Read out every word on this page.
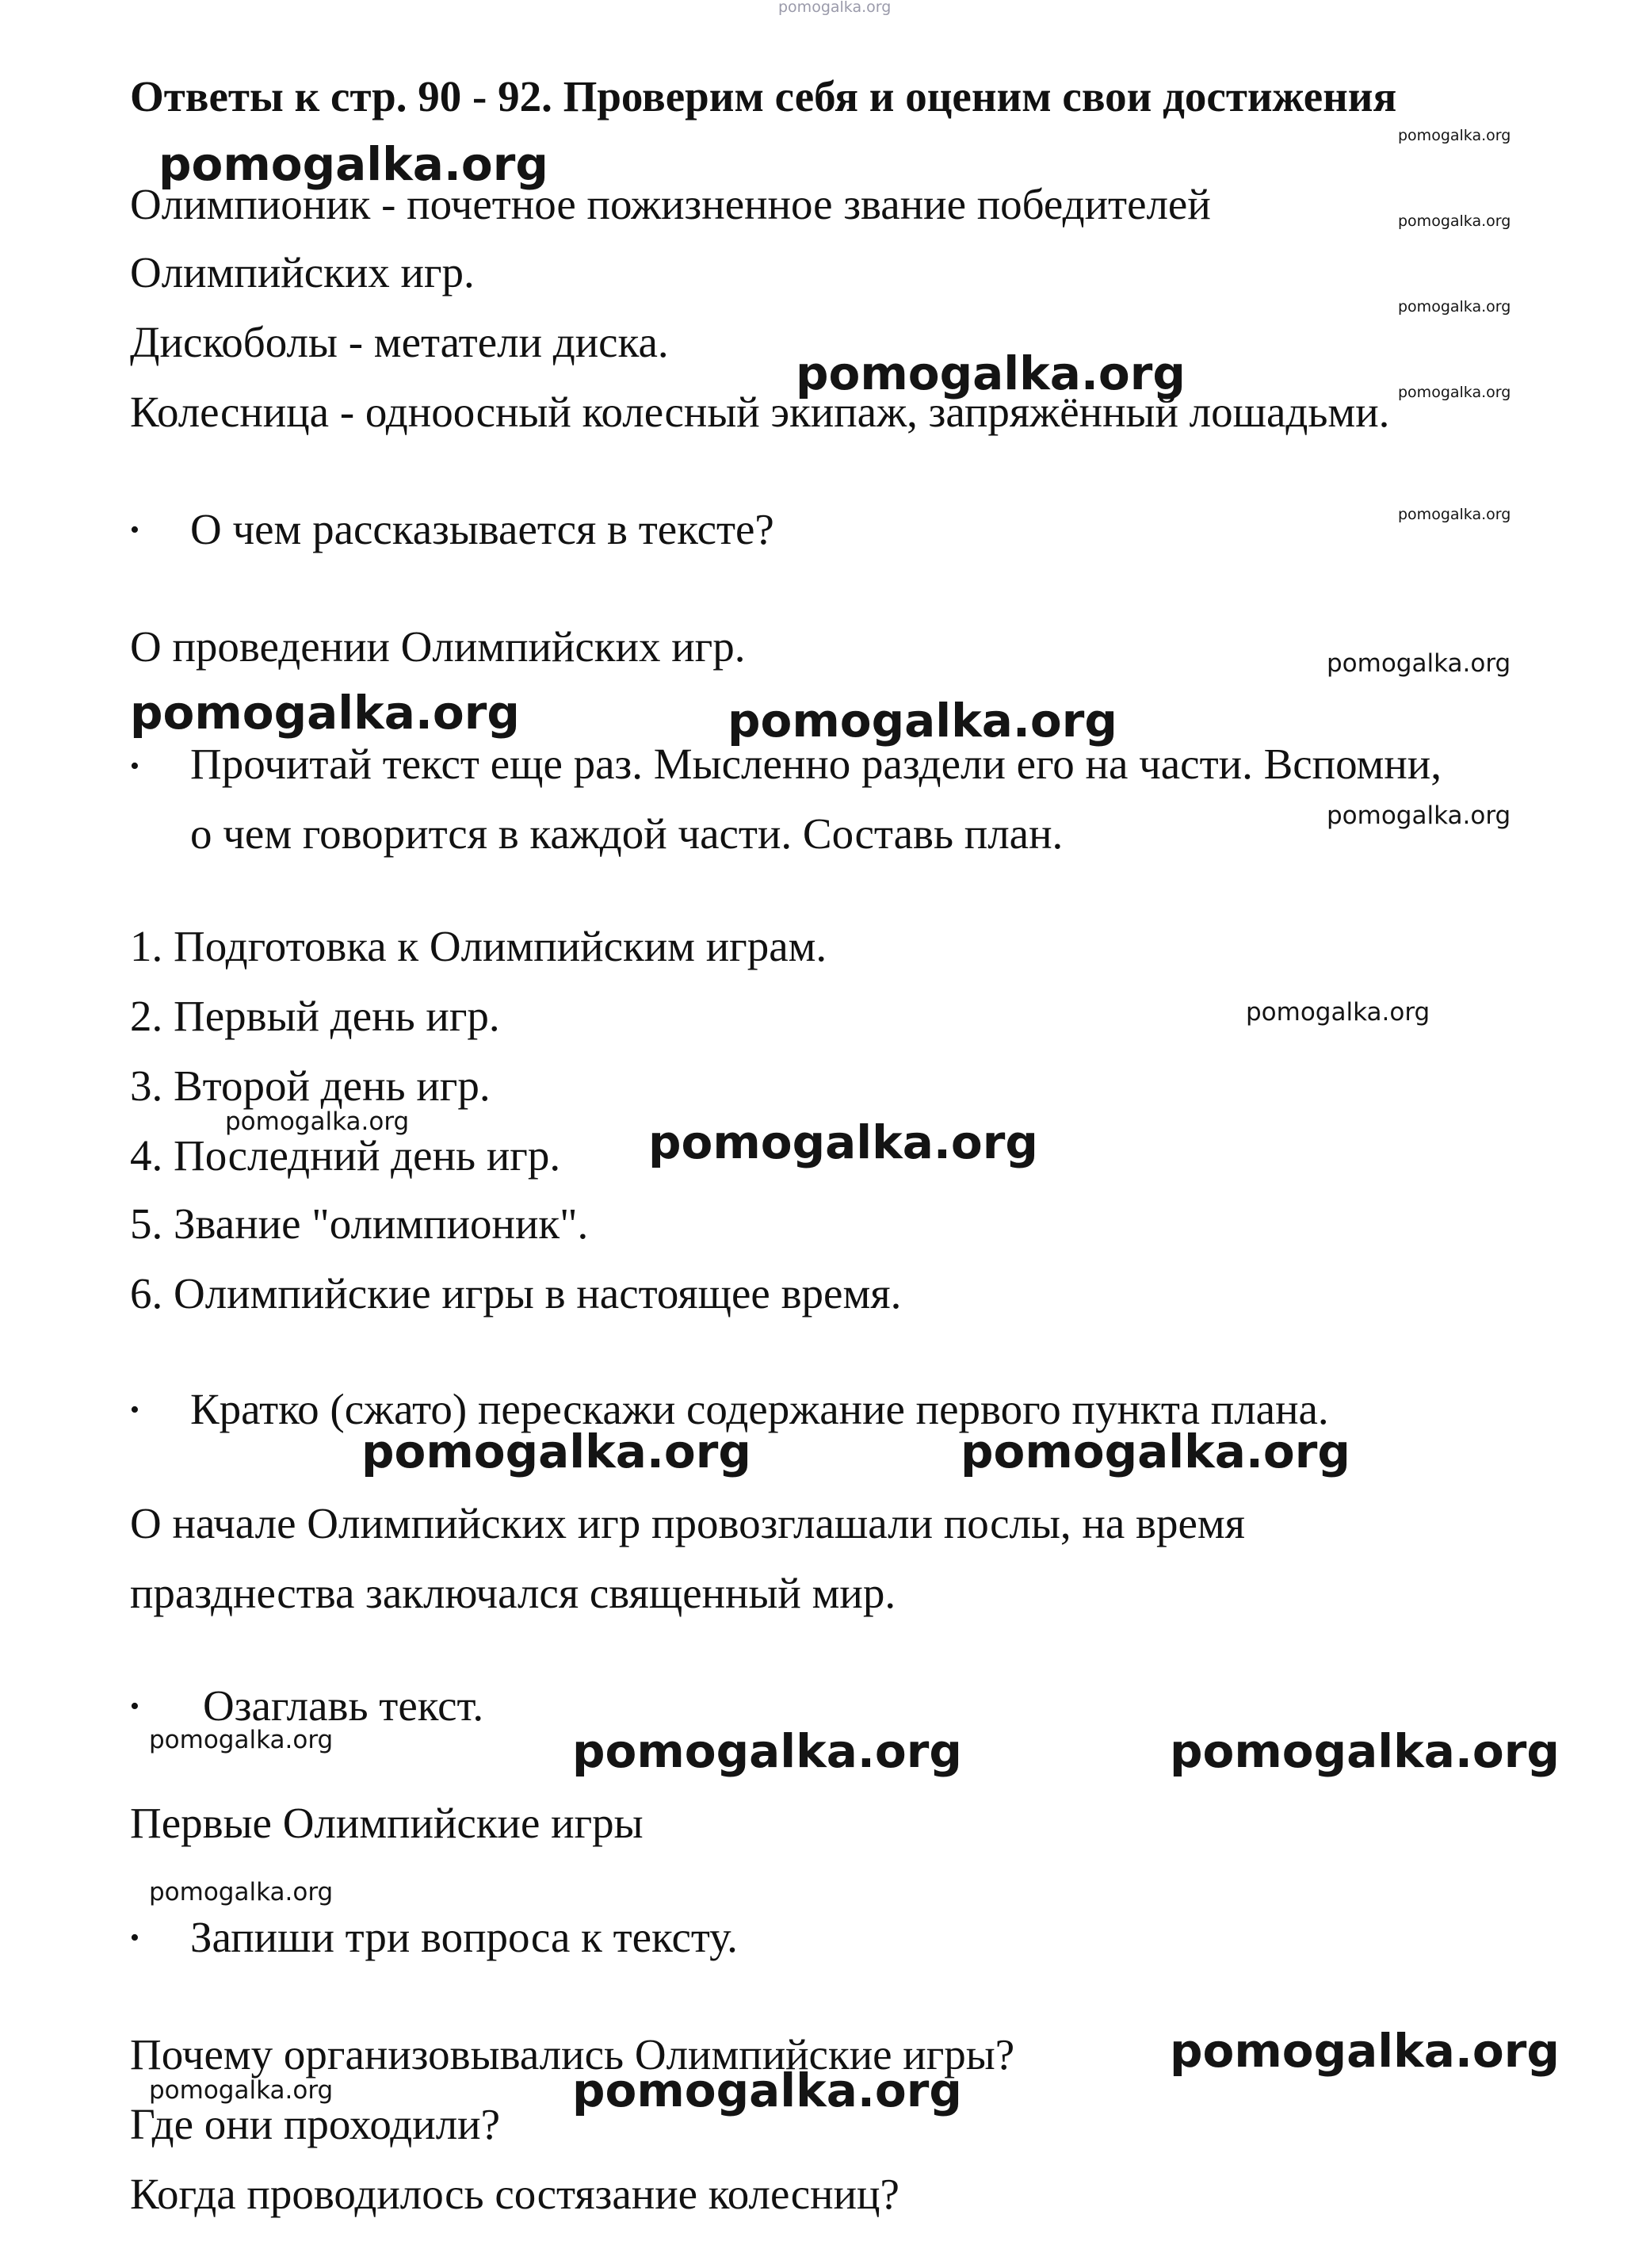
pomogalka.org
Ответы к стр. 90 - 92. Проверим себя и оценим свои достижения
Олимпионик - почетное пожизненное звание победителей
Олимпийских игр.
Дискоболы - метатели диска.
Колесница - одноосный колесный экипаж, запряжённый лошадьми.
• О чем рассказывается в тексте?
О проведении Олимпийских игр.
• Прочитай текст еще раз. Мысленно раздели его на части. Вспомни,
о чем говорится в каждой части. Составь план.
1. Подготовка к Олимпийским играм.
2. Первый день игр.
3. Второй день игр.
4. Последний день игр.
5. Звание "олимпионик".
6. Олимпийские игры в настоящее время.
• Кратко (сжато) перескажи содержание первого пункта плана.
О начале Олимпийских игр провозглашали послы, на время
празднества заключался священный мир.
• Озаглавь текст.
Первые Олимпийские игры
• Запиши три вопроса к тексту.
Почему организовывались Олимпийские игры?
Где они проходили?
Когда проводилось состязание колесниц?
pomogalka.org
pomogalka.org
pomogalka.org
pomogalka.org
pomogalka.org
pomogalka.org
pomogalka.org
pomogalka.org
pomogalka.org	pomogalka.org
pomogalka.org
pomogalka.org
pomogalka.org	pomogalka.org
pomogalka.org	pomogalka.org
pomogalka.org	pomogalka.org	pomogalka.org
pomogalka.org
pomogalka.org
pomogalka.org	pomogalka.org
